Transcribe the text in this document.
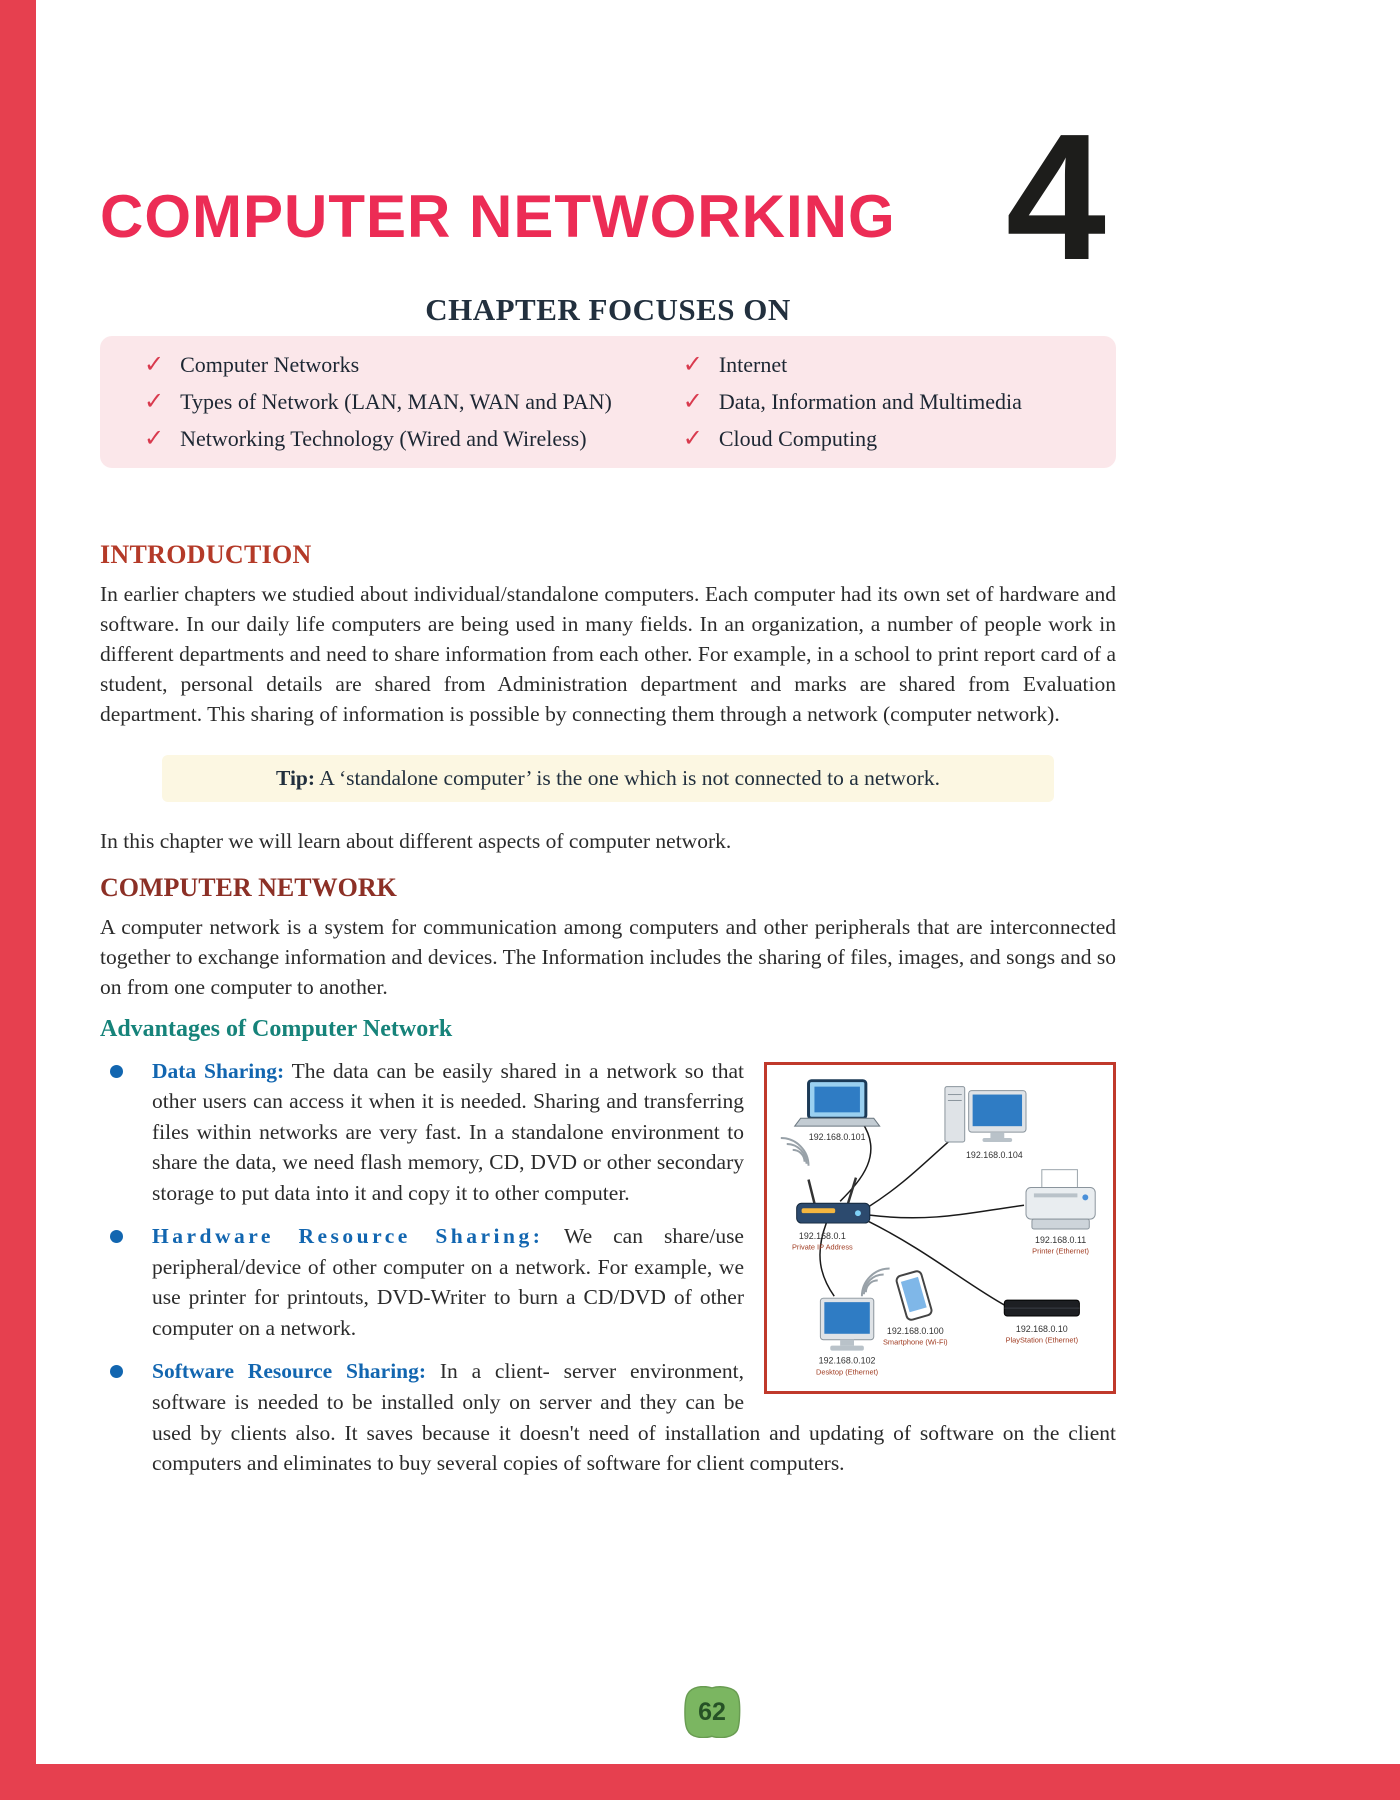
COMPUTER NETWORKING 4
CHAPTER FOCUSES ON
✓ Computer Networks
✓ Types of Network (LAN, MAN, WAN and PAN)
✓ Networking Technology (Wired and Wireless)
✓ Internet
✓ Data, Information and Multimedia
✓ Cloud Computing
INTRODUCTION

In earlier chapters we studied about individual/standalone computers. Each computer had its own set of hardware and software. In our daily life computers are being used in many fields. In an organization, a number of people work in different departments and need to share information from each other. For example, in a school to print report card of a student, personal details are shared from Administration department and marks are shared from Evaluation department. This sharing of information is possible by connecting them through a network (computer network).

Tip: A ‘standalone computer’ is the one which is not connected to a network.

In this chapter we will learn about different aspects of computer network.

COMPUTER NETWORK

A computer network is a system for communication among computers and other peripherals that are interconnected together to exchange information and devices. The Information includes the sharing of files, images, and songs and so on from one computer to another.

Advantages of Computer Network
192.168.0.101
192.168.0.104
192.168.0.1
Private IP Address
192.168.0.11
Printer (Ethernet)
192.168.0.100
Smartphone (Wi-Fi)
192.168.0.10
PlayStation (Ethernet)
192.168.0.102
Desktop (Ethernet)

Data Sharing: The data can be easily shared in a network so that other users can access it when it is needed. Sharing and transferring files within networks are very fast. In a standalone environment to share the data, we need flash memory, CD, DVD or other secondary storage to put data into it and copy it to other computer.

Hardware Resource Sharing: We can share/use peripheral/device of other computer on a network. For example, we use printer for printouts, DVD-Writer to burn a CD/DVD of other computer on a network.

Software Resource Sharing: In a client- server environment, software is needed to be installed only on server and they can be used by clients also. It saves because it doesn't need of installation and updating of software on the client computers and eliminates to buy several copies of software for client computers.

62
